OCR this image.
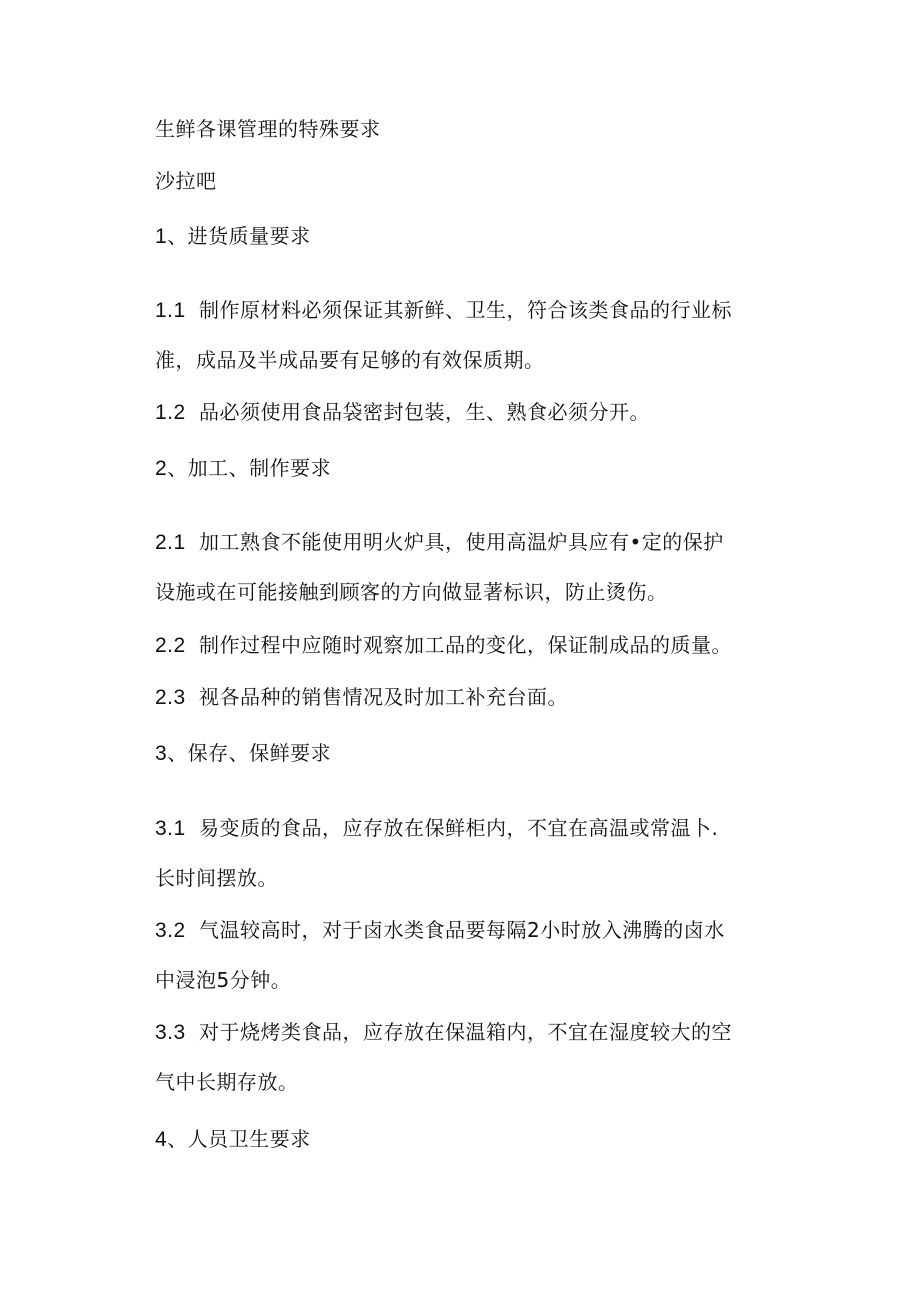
生鲜各课管理的特殊要求
沙拉吧
1、进货质量要求
1.1 制作原材料必须保证其新鲜、卫生，符合该类食品的行业标
准，成品及半成品要有足够的有效保质期。
1.2 品必须使用食品袋密封包装，生、熟食必须分开。
2、加工、制作要求
2.1 加工熟食不能使用明火炉具，使用高温炉具应有•定的保护
设施或在可能接触到顾客的方向做显著标识，防止烫伤。
2.2 制作过程中应随时观察加工品的变化，保证制成品的质量。
2.3 视各品种的销售情况及时加工补充台面。
3、保存、保鲜要求
3.1 易变质的食品，应存放在保鲜柜内，不宜在高温或常温卜.
长时间摆放。
3.2 气温较高时，对于卤水类食品要每隔2小时放入沸腾的卤水
中浸泡5分钟。
3.3 对于烧烤类食品，应存放在保温箱内，不宜在湿度较大的空
气中长期存放。
4、人员卫生要求
